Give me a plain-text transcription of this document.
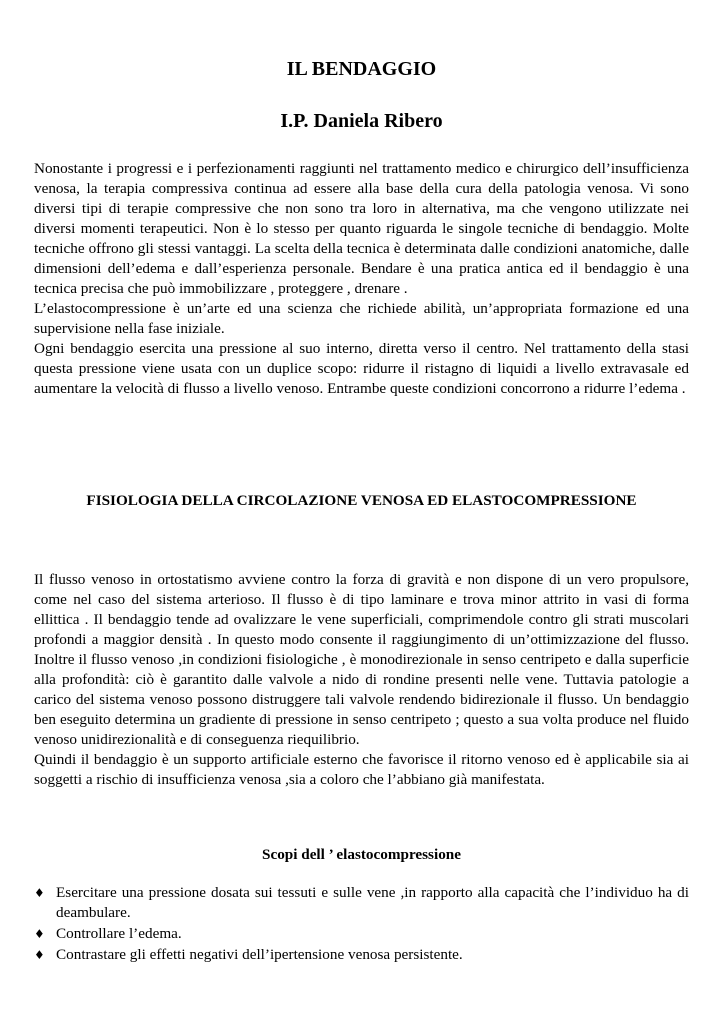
IL BENDAGGIO
I.P. Daniela Ribero

Nonostante i progressi e i perfezionamenti raggiunti nel trattamento medico e chirurgico dell’insufficienza venosa, la terapia compressiva continua ad essere alla base della cura della patologia venosa. Vi sono diversi tipi di terapie compressive che non sono tra loro in alternativa, ma che vengono utilizzate nei diversi momenti terapeutici. Non è lo stesso per quanto riguarda le singole tecniche di bendaggio. Molte tecniche offrono gli stessi vantaggi. La scelta della tecnica è determinata dalle condizioni anatomiche, dalle dimensioni dell’edema e dall’esperienza personale. Bendare è una pratica antica ed il bendaggio è una tecnica precisa che può immobilizzare , proteggere , drenare .

L’elastocompressione è un’arte ed una scienza che richiede abilità, un’appropriata formazione ed una supervisione nella fase iniziale.

Ogni bendaggio esercita una pressione al suo interno, diretta verso il centro. Nel trattamento della stasi questa pressione viene usata con un duplice scopo: ridurre il ristagno di liquidi a livello extravasale ed aumentare la velocità di flusso a livello venoso. Entrambe queste condizioni concorrono a ridurre l’edema .

FISIOLOGIA DELLA CIRCOLAZIONE VENOSA ED ELASTOCOMPRESSIONE

Il flusso venoso in ortostatismo avviene contro la forza di gravità e non dispone di un vero propulsore, come nel caso del sistema arterioso. Il flusso è di tipo laminare e trova minor attrito in vasi di forma ellittica . Il bendaggio tende ad ovalizzare le vene superficiali, comprimendole contro gli strati muscolari profondi a maggior densità . In questo modo consente il raggiungimento di un’ottimizzazione del flusso. Inoltre il flusso venoso ,in condizioni fisiologiche , è monodirezionale in senso centripeto e dalla superficie alla profondità: ciò è garantito dalle valvole a nido di rondine presenti nelle vene. Tuttavia patologie a carico del sistema venoso possono distruggere tali valvole rendendo bidirezionale il flusso. Un bendaggio ben eseguito determina un gradiente di pressione in senso centripeto ; questo a sua volta produce nel fluido venoso unidirezionalità e di conseguenza riequilibrio.

Quindi il bendaggio è un supporto artificiale esterno che favorisce il ritorno venoso ed è applicabile sia ai soggetti a rischio di insufficienza venosa ,sia a coloro che l’abbiano già manifestata.

Scopi dell ’ elastocompressione
♦ Esercitare una pressione dosata sui tessuti e sulle vene ,in rapporto alla capacità che l’individuo ha di deambulare.
♦ Controllare l’edema.
♦ Contrastare gli effetti negativi dell’ipertensione venosa persistente.
